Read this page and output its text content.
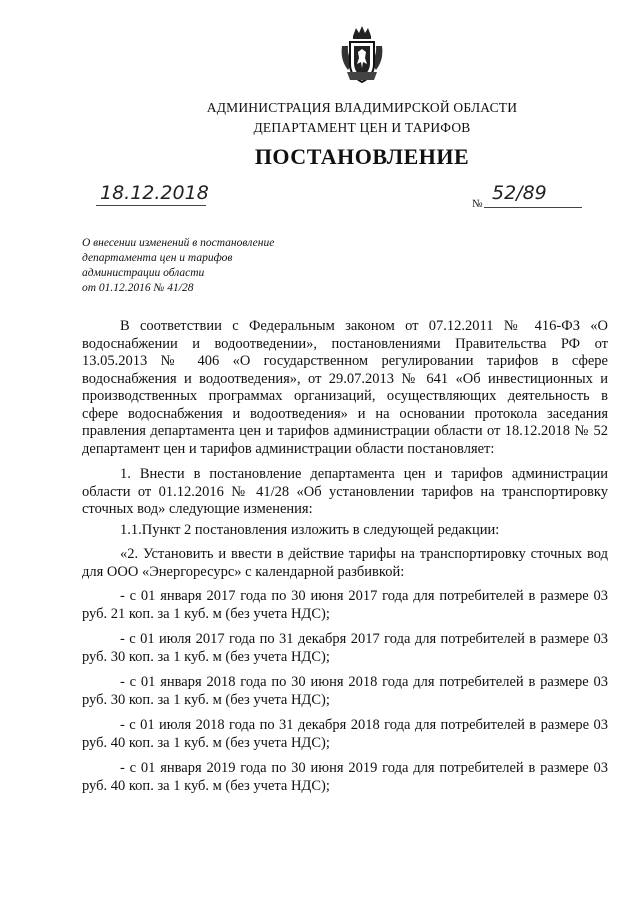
АДМИНИСТРАЦИЯ ВЛАДИМИРСКОЙ ОБЛАСТИ
ДЕПАРТАМЕНТ ЦЕН И ТАРИФОВ
ПОСТАНОВЛЕНИЕ
18.12.2018	№ 52/89
О внесении изменений в постановление
департамента цен и тарифов
администрации области
от 01.12.2016 № 41/28
В соответствии с Федеральным законом от 07.12.2011 № 416-ФЗ «О водоснабжении и водоотведении», постановлениями Правительства РФ от 13.05.2013 № 406 «О государственном регулировании тарифов в сфере водоснабжения и водоотведения», от 29.07.2013 № 641 «Об инвестиционных и производственных программах организаций, осуществляющих деятельность в сфере водоснабжения и водоотведения» и на основании протокола заседания правления департамента цен и тарифов администрации области от 18.12.2018 № 52 департамент цен и тарифов администрации области постановляет:
1. Внести в постановление департамента цен и тарифов администрации области от 01.12.2016 № 41/28 «Об установлении тарифов на транспортировку сточных вод» следующие изменения:
1.1.Пункт 2 постановления изложить в следующей редакции:
«2. Установить и ввести в действие тарифы на транспортировку сточных вод для ООО «Энергоресурс» с календарной разбивкой:
- с 01 января 2017 года по 30 июня 2017 года для потребителей в размере 03 руб. 21 коп. за 1 куб. м (без учета НДС);
- с 01 июля 2017 года по 31 декабря 2017 года для потребителей в размере 03 руб. 30 коп. за 1 куб. м (без учета НДС);
- с 01 января 2018 года по 30 июня 2018 года для потребителей в размере 03 руб. 30 коп. за 1 куб. м (без учета НДС);
- с 01 июля 2018 года по 31 декабря 2018 года для потребителей в размере 03 руб. 40 коп. за 1 куб. м (без учета НДС);
- с 01 января 2019 года по 30 июня 2019 года для потребителей в размере 03 руб. 40 коп. за 1 куб. м (без учета НДС);
